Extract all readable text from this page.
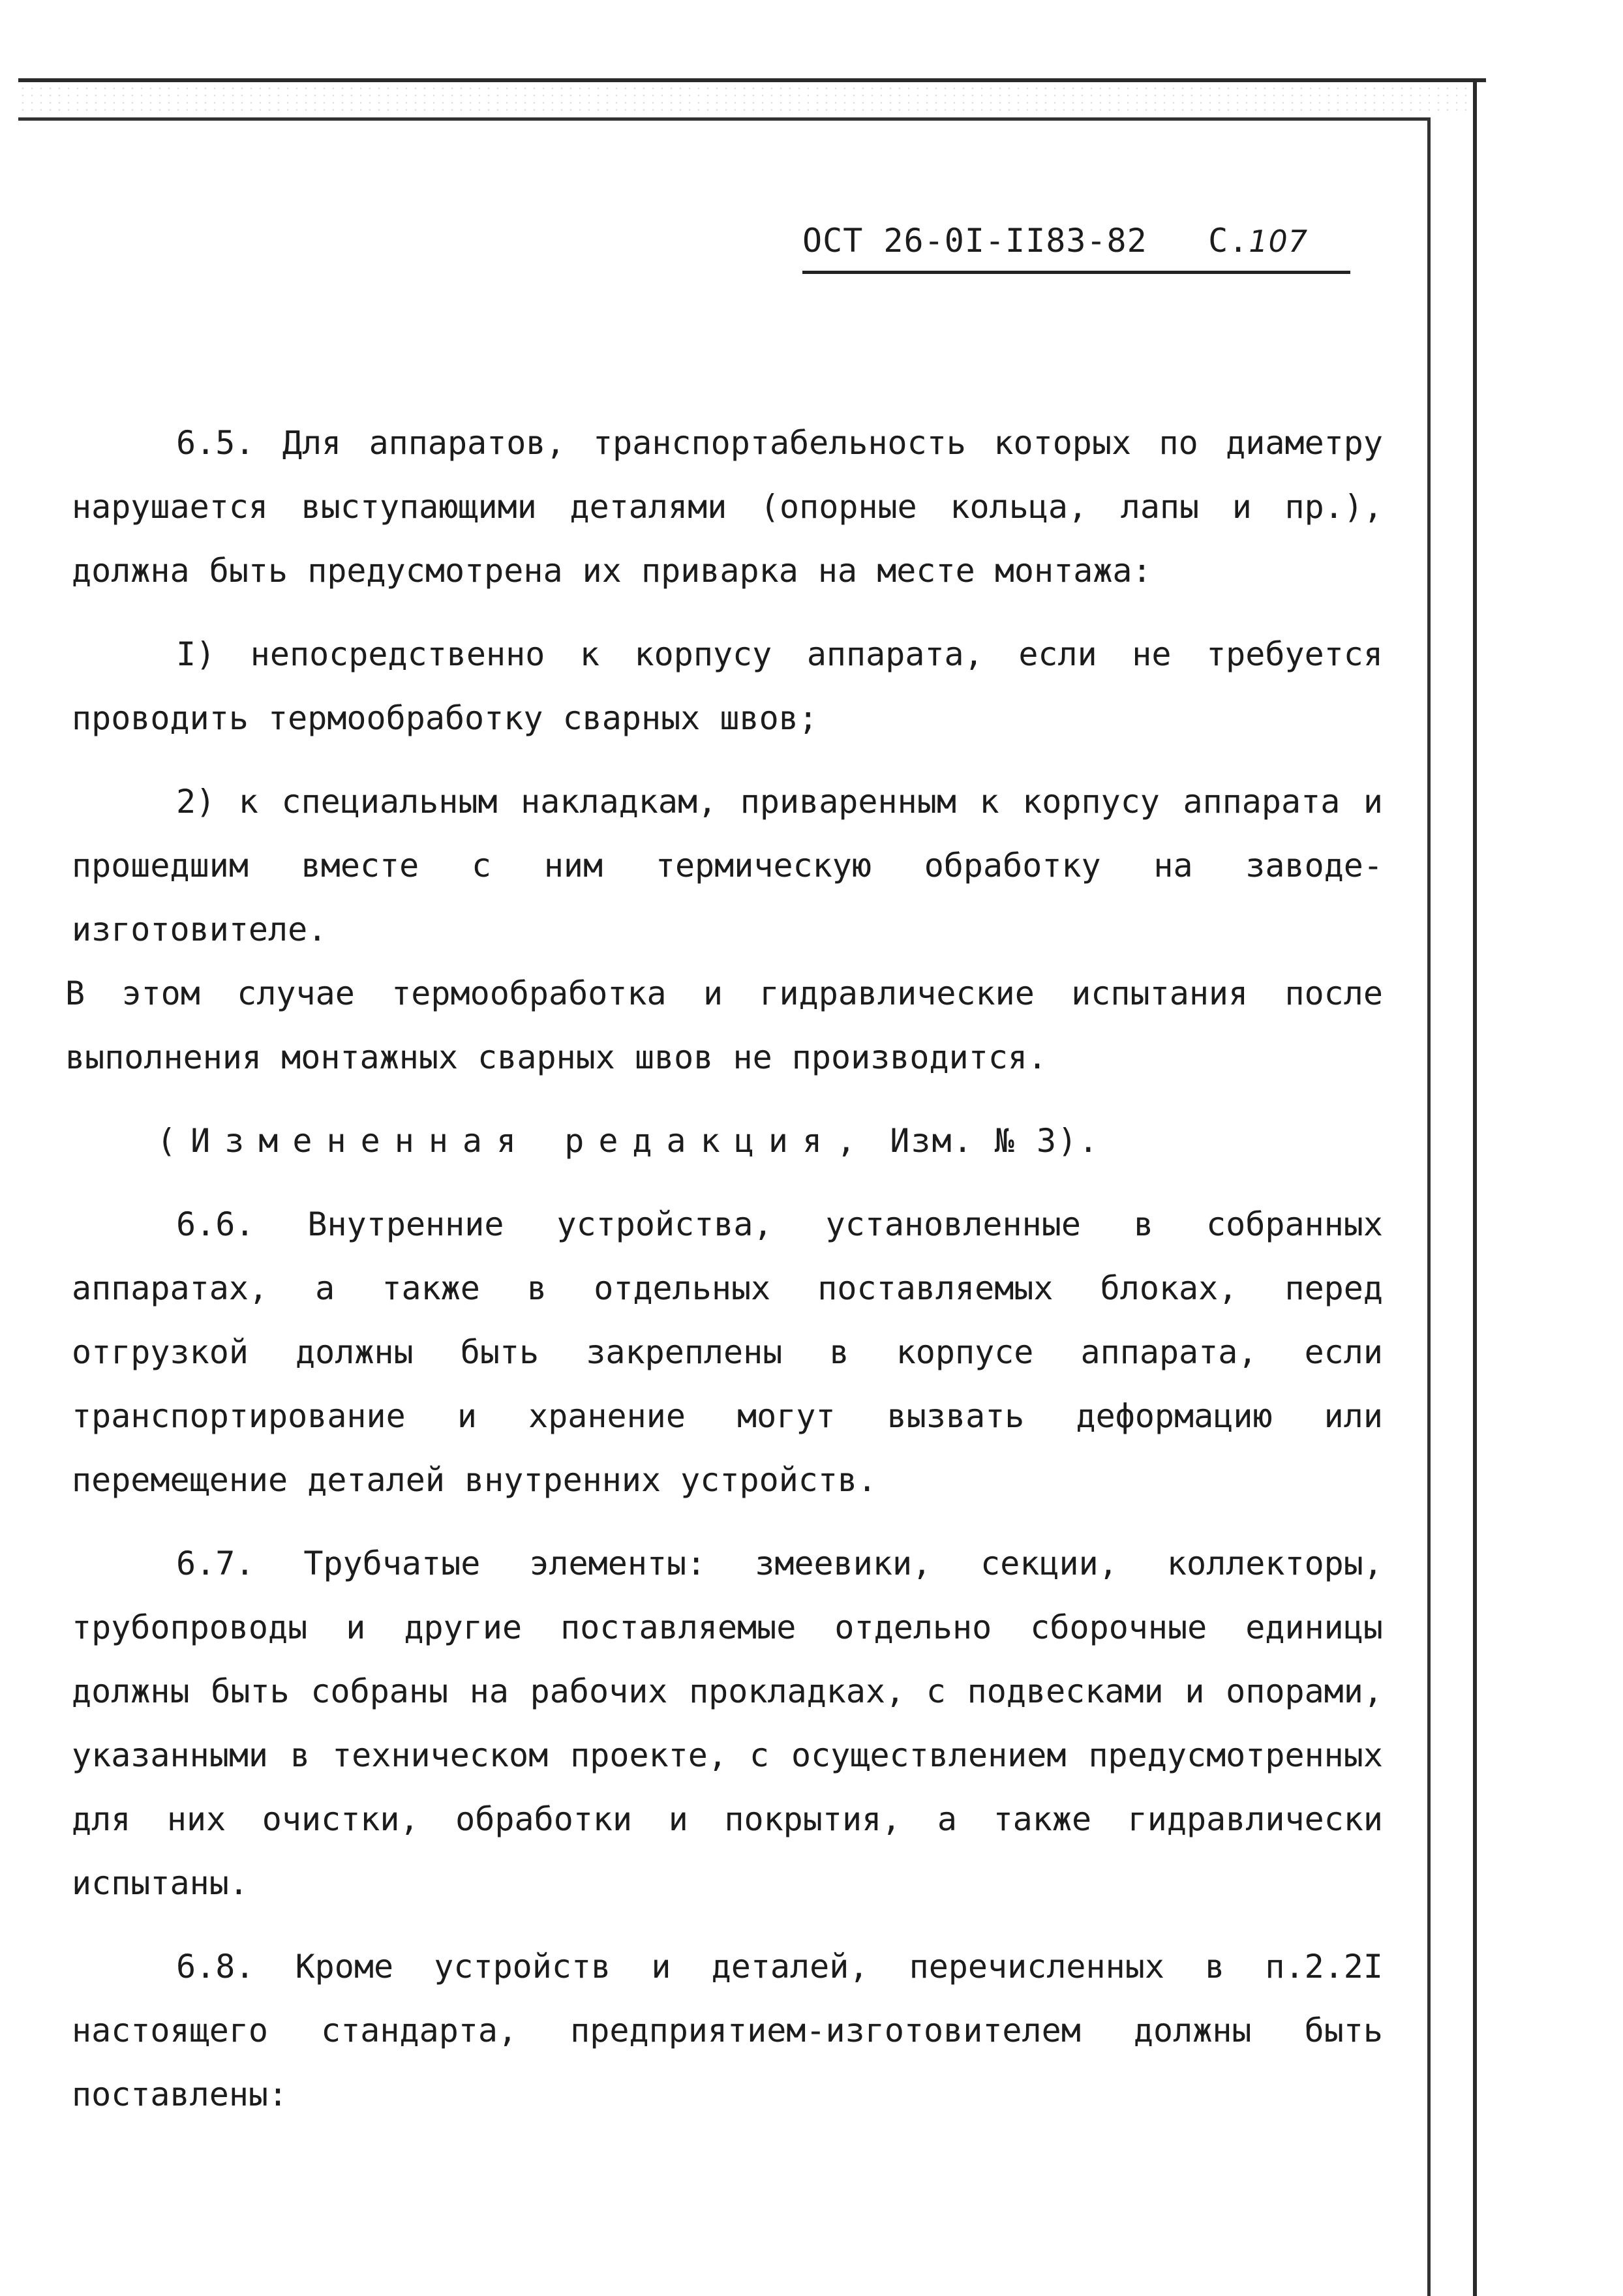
ОСТ 26-0I-II83-82 С.107

6.5. Для аппаратов, транспортабельность которых по диаметру нарушается выступающими деталями (опорные кольца, лапы и пр.), должна быть предусмотрена их приварка на месте монтажа:

I) непосредственно к корпусу аппарата, если не требуется проводить термообработку сварных швов;

2) к специальным накладкам, приваренным к корпусу аппарата и прошедшим вместе с ним термическую обработку на заводе-изготовителе.

В этом случае термообработка и гидравлические испытания после выполнения монтажных сварных швов не производится.

(Измененная редакция, Изм. № 3).

6.6. Внутренние устройства, установленные в собранных аппаратах, а также в отдельных поставляемых блоках, перед отгрузкой должны быть закреплены в корпусе аппарата, если транспортирование и хранение могут вызвать деформацию или перемещение деталей внутренних устройств.

6.7. Трубчатые элементы: змеевики, секции, коллекторы, трубопроводы и другие поставляемые отдельно сборочные единицы должны быть собраны на рабочих прокладках, с подвесками и опорами, указанными в техническом проекте, с осуществлением предусмотренных для них очистки, обработки и покрытия, а также гидравлически испытаны.

6.8. Кроме устройств и деталей, перечисленных в п.2.2I настоящего стандарта, предприятием-изготовителем должны быть поставлены:
